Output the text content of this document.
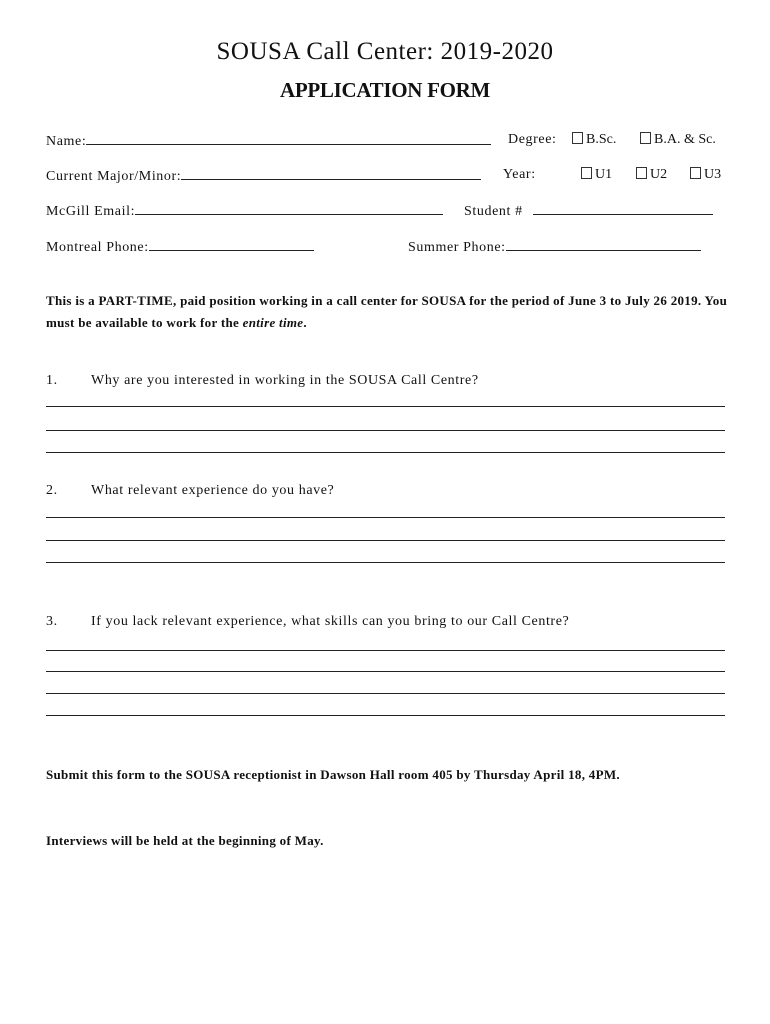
SOUSA Call Center: 2019-2020
APPLICATION FORM
Name:	Degree:	B.Sc.	B.A. & Sc.
Current Major/Minor:	Year:	U1	U2	U3
McGill Email:	Student #
Montreal Phone:	Summer Phone:
This is a PART-TIME, paid position working in a call center for SOUSA for the period of June 3 to July 26 2019. You must be available to work for the entire time.
1. Why are you interested in working in the SOUSA Call Centre?
2. What relevant experience do you have?
3. If you lack relevant experience, what skills can you bring to our Call Centre?
Submit this form to the SOUSA receptionist in Dawson Hall room 405 by Thursday April 18, 4PM.
Interviews will be held at the beginning of May.
